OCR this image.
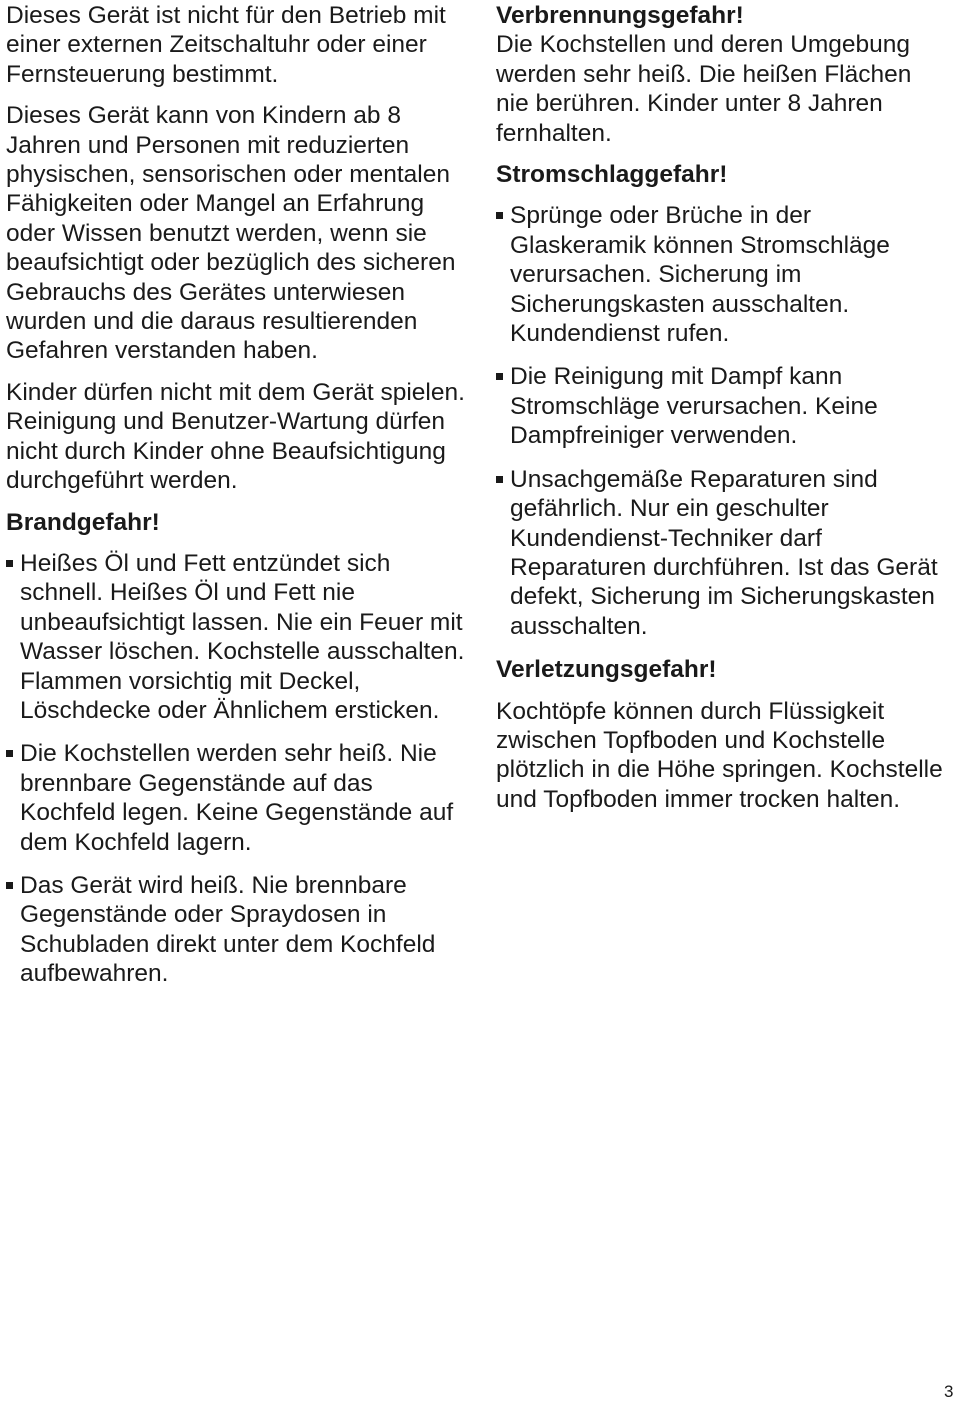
Dieses Gerät ist nicht für den Betrieb mit einer externen Zeitschaltuhr oder einer Fernsteuerung bestimmt.

Dieses Gerät kann von Kindern ab 8 Jahren und Personen mit reduzierten physischen, sensorischen oder mentalen Fähigkeiten oder Mangel an Erfahrung oder Wissen benutzt werden, wenn sie beaufsichtigt oder bezüglich des sicheren Gebrauchs des Gerätes unterwiesen wurden und die daraus resultierenden Gefahren verstanden haben.

Kinder dürfen nicht mit dem Gerät spielen. Reinigung und Benutzer-Wartung dürfen nicht durch Kinder ohne Beaufsichtigung durchgeführt werden.

Brandgefahr!

Heißes Öl und Fett entzündet sich schnell. Heißes Öl und Fett nie unbeaufsichtigt lassen. Nie ein Feuer mit Wasser löschen. Kochstelle ausschalten. Flammen vorsichtig mit Deckel, Löschdecke oder Ähnlichem ersticken.
Die Kochstellen werden sehr heiß. Nie brennbare Gegenstände auf das Kochfeld legen. Keine Gegenstände auf dem Kochfeld lagern.
Das Gerät wird heiß. Nie brennbare Gegenstände oder Spraydosen in Schubladen direkt unter dem Kochfeld aufbewahren.

Verbrennungsgefahr!

Die Kochstellen und deren Umgebung werden sehr heiß. Die heißen Flächen nie berühren. Kinder unter 8 Jahren fernhalten.

Stromschlaggefahr!

Sprünge oder Brüche in der Glaskeramik können Stromschläge verursachen. Sicherung im Sicherungskasten ausschalten. Kundendienst rufen.
Die Reinigung mit Dampf kann Stromschläge verursachen. Keine Dampfreiniger verwenden.
Unsachgemäße Reparaturen sind gefährlich. Nur ein geschulter Kundendienst-Techniker darf Reparaturen durchführen. Ist das Gerät defekt, Sicherung im Sicherungskasten ausschalten.

Verletzungsgefahr!

Kochtöpfe können durch Flüssigkeit zwischen Topfboden und Kochstelle plötzlich in die Höhe springen. Kochstelle und Topfboden immer trocken halten.

3
